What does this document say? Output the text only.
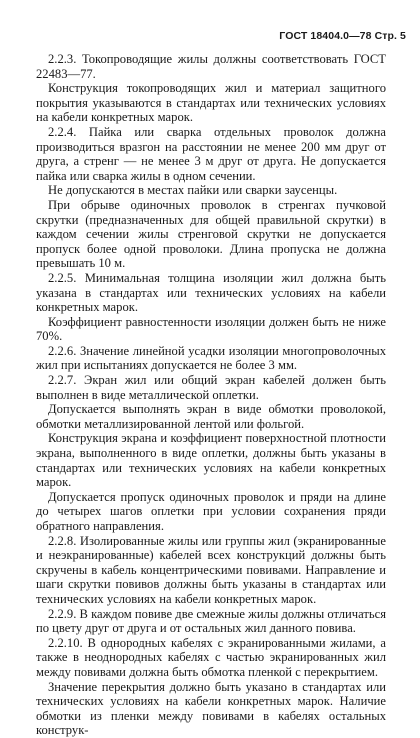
ГОСТ 18404.0—78 Стр. 5

2.2.3. Токопроводящие жилы должны соответствовать ГОСТ 22483—77.

Конструкция токопроводящих жил и материал защитного покрытия указываются в стандартах или технических условиях на кабели конкретных марок.

2.2.4. Пайка или сварка отдельных проволок должна производиться вразгон на расстоянии не менее 200 мм друг от друга, а стренг — не менее 3 м друг от друга. Не допускается пайка или сварка жилы в одном сечении.

Не допускаются в местах пайки или сварки заусенцы.

При обрыве одиночных проволок в стренгах пучковой скрутки (предназначенных для общей правильной скрутки) в каждом сечении жилы стренговой скрутки не допускается пропуск более одной проволоки. Длина пропуска не должна превышать 10 м.

2.2.5. Минимальная толщина изоляции жил должна быть указана в стандартах или технических условиях на кабели конкретных марок.

Коэффициент равностенности изоляции должен быть не ниже 70%.

2.2.6. Значение линейной усадки изоляции многопроволочных жил при испытаниях допускается не более 3 мм.

2.2.7. Экран жил или общий экран кабелей должен быть выполнен в виде металлической оплетки.

Допускается выполнять экран в виде обмотки проволокой, обмотки металлизированной лентой или фольгой.

Конструкция экрана и коэффициент поверхностной плотности экрана, выполненного в виде оплетки, должны быть указаны в стандартах или технических условиях на кабели конкретных марок.

Допускается пропуск одиночных проволок и пряди на длине до четырех шагов оплетки при условии сохранения пряди обратного направления.

2.2.8. Изолированные жилы или группы жил (экранированные и неэкранированные) кабелей всех конструкций должны быть скручены в кабель концентрическими повивами. Направление и шаги скрутки повивов должны быть указаны в стандартах или технических условиях на кабели конкретных марок.

2.2.9. В каждом повиве две смежные жилы должны отличаться по цвету друг от друга и от остальных жил данного повива.

2.2.10. В однородных кабелях с экранированными жилами, а также в неоднородных кабелях с частью экранированных жил между повивами должна быть обмотка пленкой с перекрытием.

Значение перекрытия должно быть указано в стандартах или технических условиях на кабели конкретных марок. Наличие обмотки из пленки между повивами в кабелях остальных конструк-
